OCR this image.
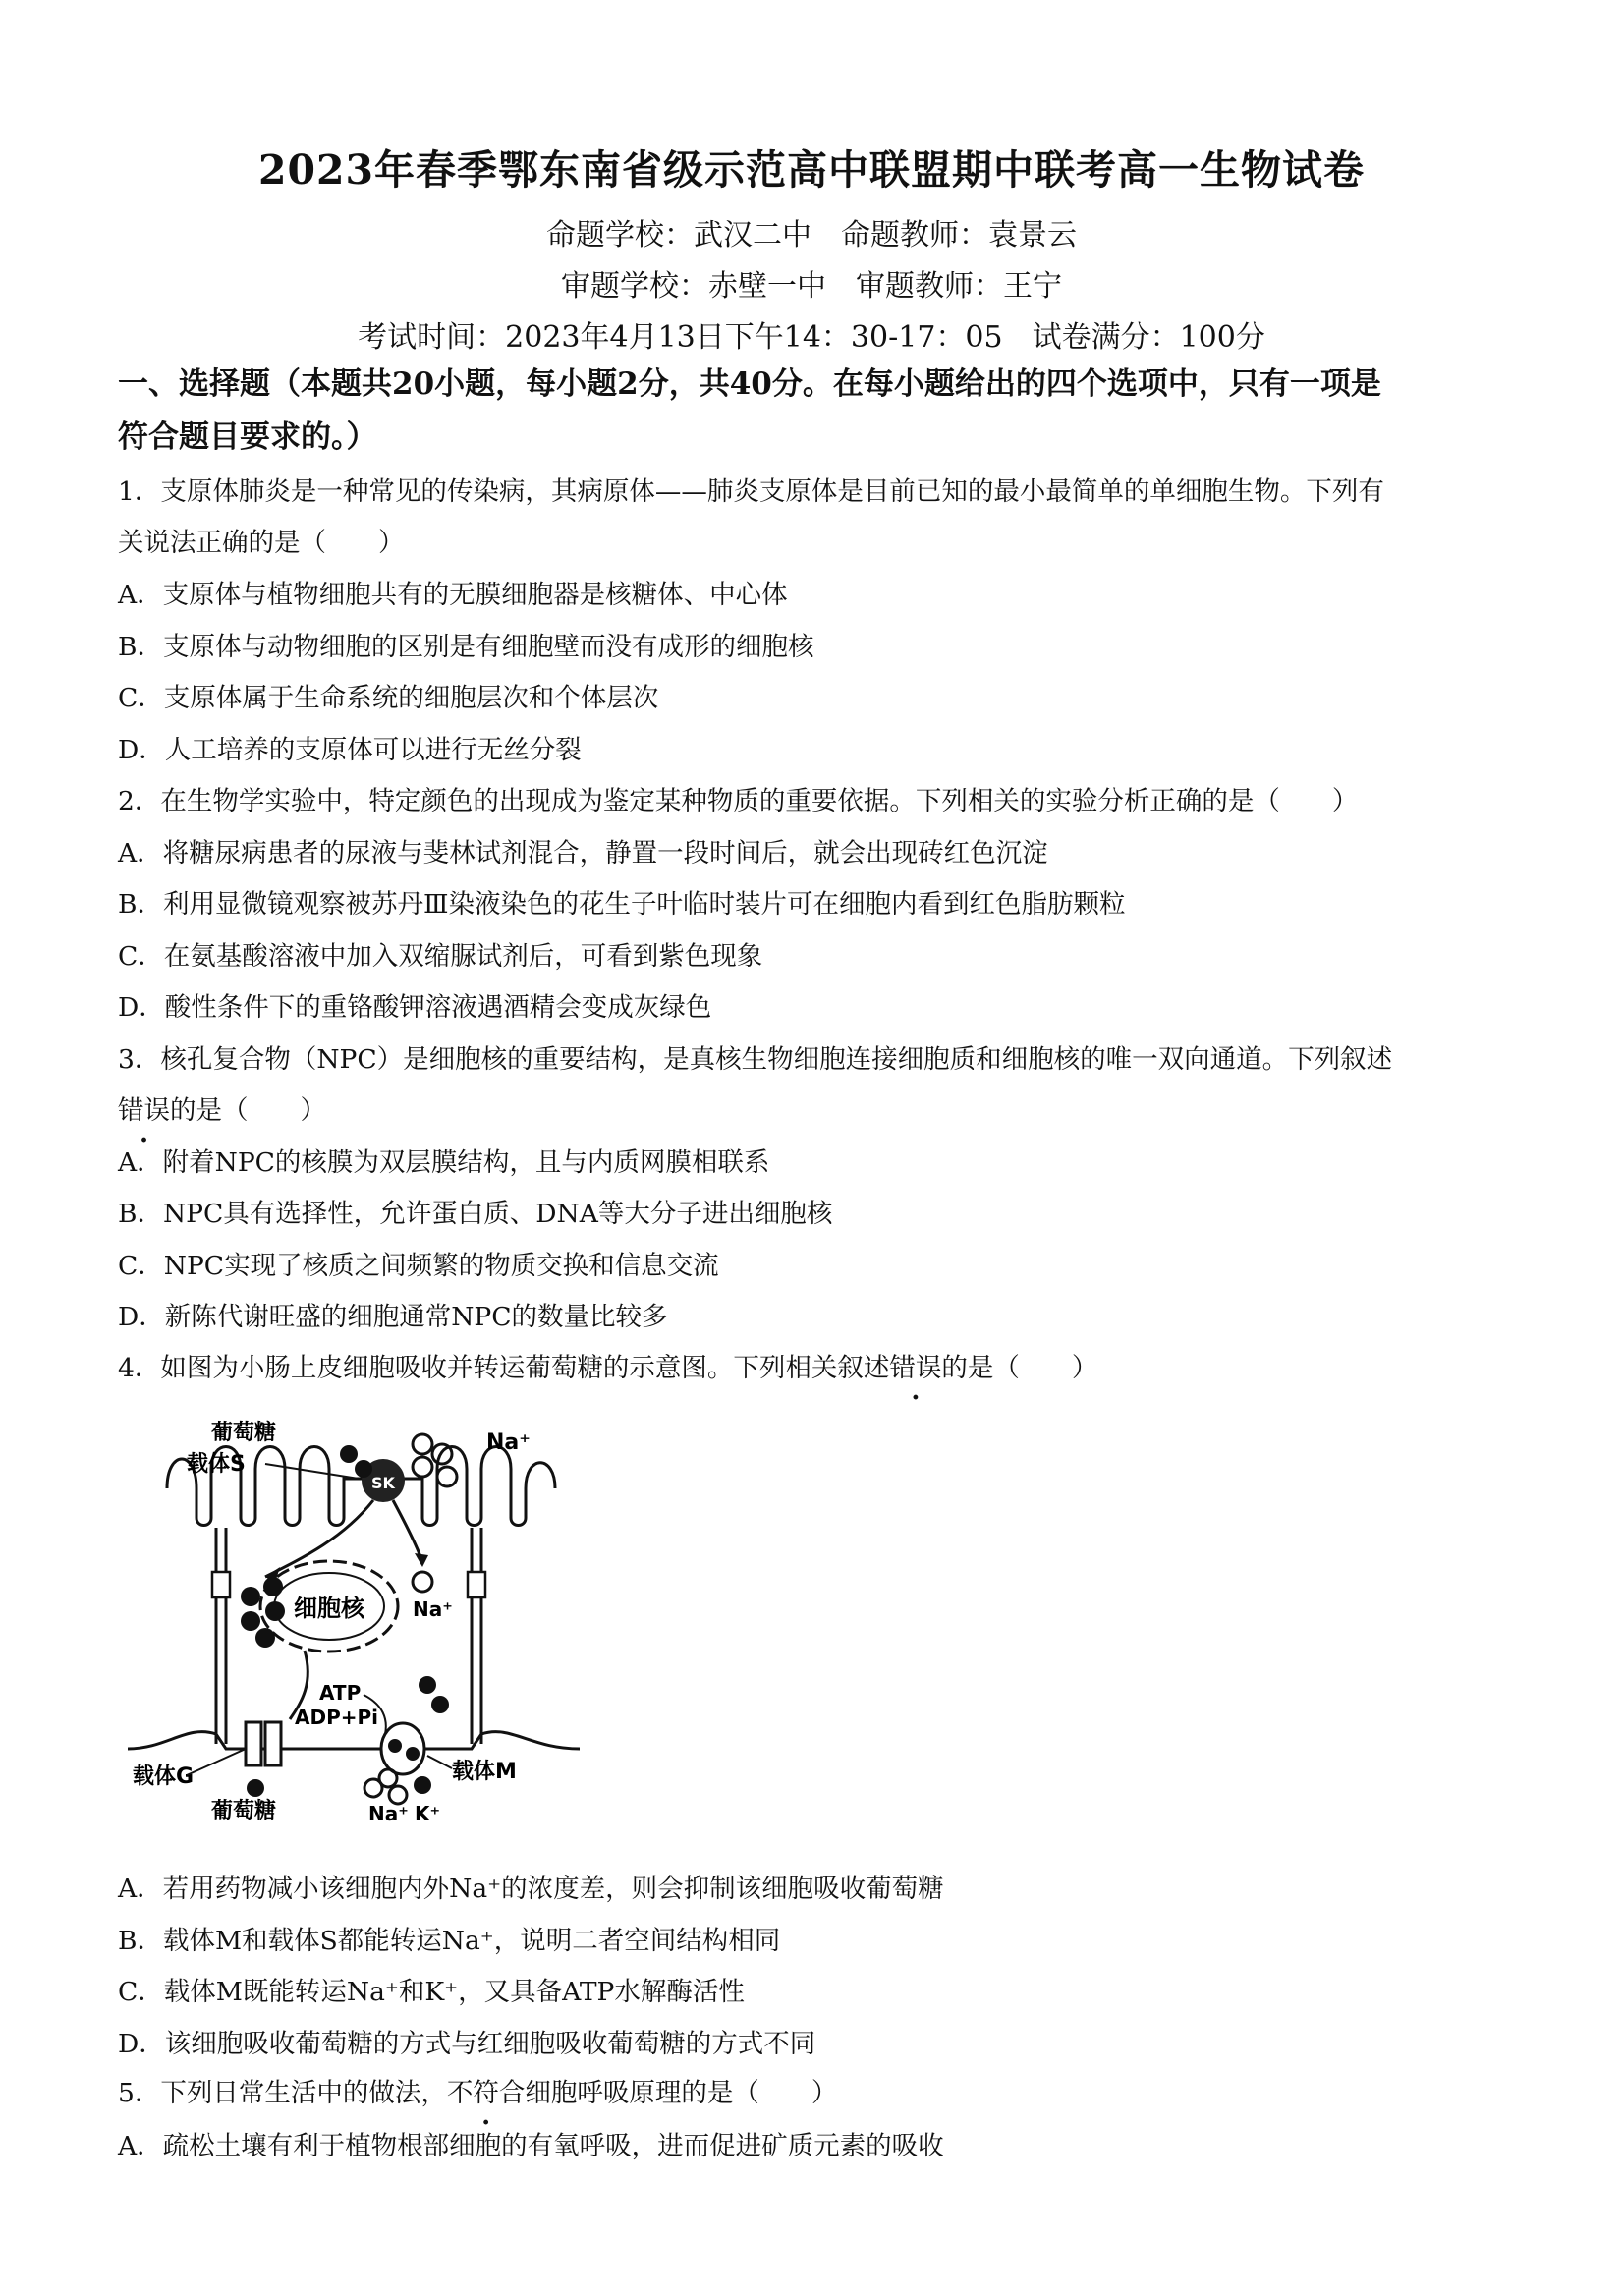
2023年春季鄂东南省级示范高中联盟期中联考高一生物试卷
命题学校：武汉二中　命题教师：袁景云
审题学校：赤壁一中　审题教师：王宁
考试时间：2023年4月13日下午14：30-17：05　试卷满分：100分
一、选择题（本题共20小题，每小题2分，共40分。在每小题给出的四个选项中，只有一项是
符合题目要求的。）
1．支原体肺炎是一种常见的传染病，其病原体——肺炎支原体是目前已知的最小最简单的单细胞生物。下列有
关说法正确的是（　　）
A．支原体与植物细胞共有的无膜细胞器是核糖体、中心体
B．支原体与动物细胞的区别是有细胞壁而没有成形的细胞核
C．支原体属于生命系统的细胞层次和个体层次
D．人工培养的支原体可以进行无丝分裂
2．在生物学实验中，特定颜色的出现成为鉴定某种物质的重要依据。下列相关的实验分析正确的是（　　）
A．将糖尿病患者的尿液与斐林试剂混合，静置一段时间后，就会出现砖红色沉淀
B．利用显微镜观察被苏丹Ⅲ染液染色的花生子叶临时装片可在细胞内看到红色脂肪颗粒
C．在氨基酸溶液中加入双缩脲试剂后，可看到紫色现象
D．酸性条件下的重铬酸钾溶液遇酒精会变成灰绿色
3．核孔复合物（NPC）是细胞核的重要结构，是真核生物细胞连接细胞质和细胞核的唯一双向通道。下列叙述
错误的是（　　）
A．附着NPC的核膜为双层膜结构，且与内质网膜相联系
B．NPC具有选择性，允许蛋白质、DNA等大分子进出细胞核
C．NPC实现了核质之间频繁的物质交换和信息交流
D．新陈代谢旺盛的细胞通常NPC的数量比较多
4．如图为小肠上皮细胞吸收并转运葡萄糖的示意图。下列相关叙述错误的是（　　）
细胞核
SK
葡萄糖
载体S
Na⁺
Na⁺
载体G
葡萄糖
ATP
ADP+Pi
载体M
Na⁺ K⁺
A．若用药物减小该细胞内外Na⁺的浓度差，则会抑制该细胞吸收葡萄糖
B．载体M和载体S都能转运Na⁺，说明二者空间结构相同
C．载体M既能转运Na⁺和K⁺，又具备ATP水解酶活性
D．该细胞吸收葡萄糖的方式与红细胞吸收葡萄糖的方式不同
5．下列日常生活中的做法，不符合细胞呼吸原理的是（　　）
A．疏松土壤有利于植物根部细胞的有氧呼吸，进而促进矿质元素的吸收
